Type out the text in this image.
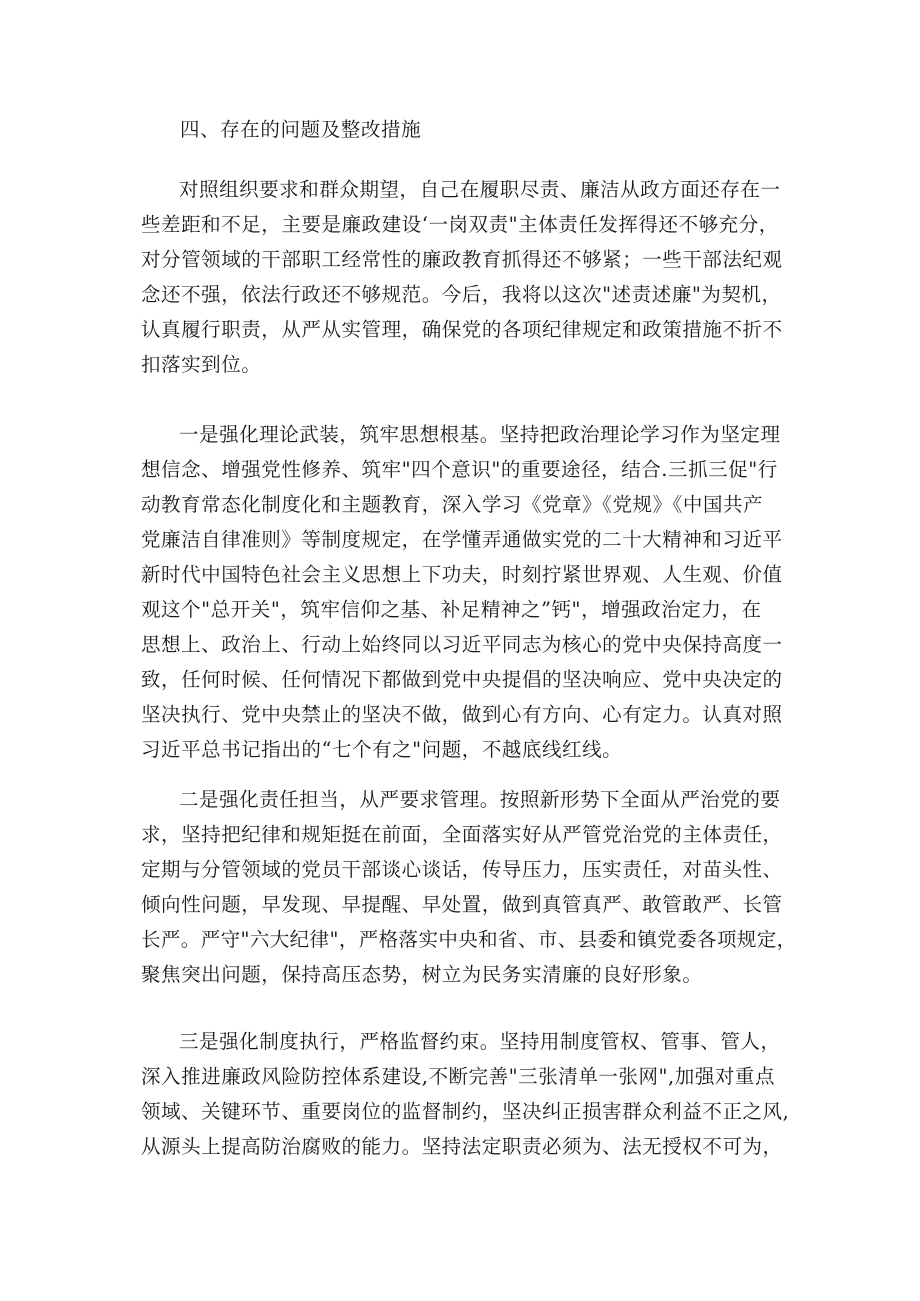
四、存在的问题及整改措施
对照组织要求和群众期望，自己在履职尽责、廉洁从政方面还存在一
些差距和不足，主要是廉政建设‘一岗双责"主体责任发挥得还不够充分，
对分管领域的干部职工经常性的廉政教育抓得还不够紧；一些干部法纪观
念还不强，依法行政还不够规范。今后，我将以这次"述责述廉"为契机，
认真履行职责，从严从实管理，确保党的各项纪律规定和政策措施不折不
扣落实到位。
一是强化理论武装，筑牢思想根基。坚持把政治理论学习作为坚定理
想信念、增强党性修养、筑牢"四个意识"的重要途径，结合.三抓三促"行
动教育常态化制度化和主题教育，深入学习《党章》《党规》《中国共产
党廉洁自律准则》等制度规定，在学懂弄通做实党的二十大精神和习近平
新时代中国特色社会主义思想上下功夫，时刻拧紧世界观、人生观、价值
观这个"总开关"，筑牢信仰之基、补足精神之”钙"，增强政治定力，在
思想上、政治上、行动上始终同以习近平同志为核心的党中央保持高度一
致，任何时候、任何情况下都做到党中央提倡的坚决响应、党中央决定的
坚决执行、党中央禁止的坚决不做，做到心有方向、心有定力。认真对照
习近平总书记指出的“七个有之"问题，不越底线红线。
二是强化责任担当，从严要求管理。按照新形势下全面从严治党的要
求，坚持把纪律和规矩挺在前面，全面落实好从严管党治党的主体责任，
定期与分管领域的党员干部谈心谈话，传导压力，压实责任，对苗头性、
倾向性问题，早发现、早提醒、早处置，做到真管真严、敢管敢严、长管
长严。严守"六大纪律"，严格落实中央和省、市、县委和镇党委各项规定，
聚焦突出问题，保持高压态势，树立为民务实清廉的良好形象。
三是强化制度执行，严格监督约束。坚持用制度管权、管事、管人，
深入推进廉政风险防控体系建设,不断完善"三张清单一张网",加强对重点
领域、关键环节、重要岗位的监督制约，坚决纠正损害群众利益不正之风,
从源头上提高防治腐败的能力。坚持法定职责必须为、法无授权不可为，
